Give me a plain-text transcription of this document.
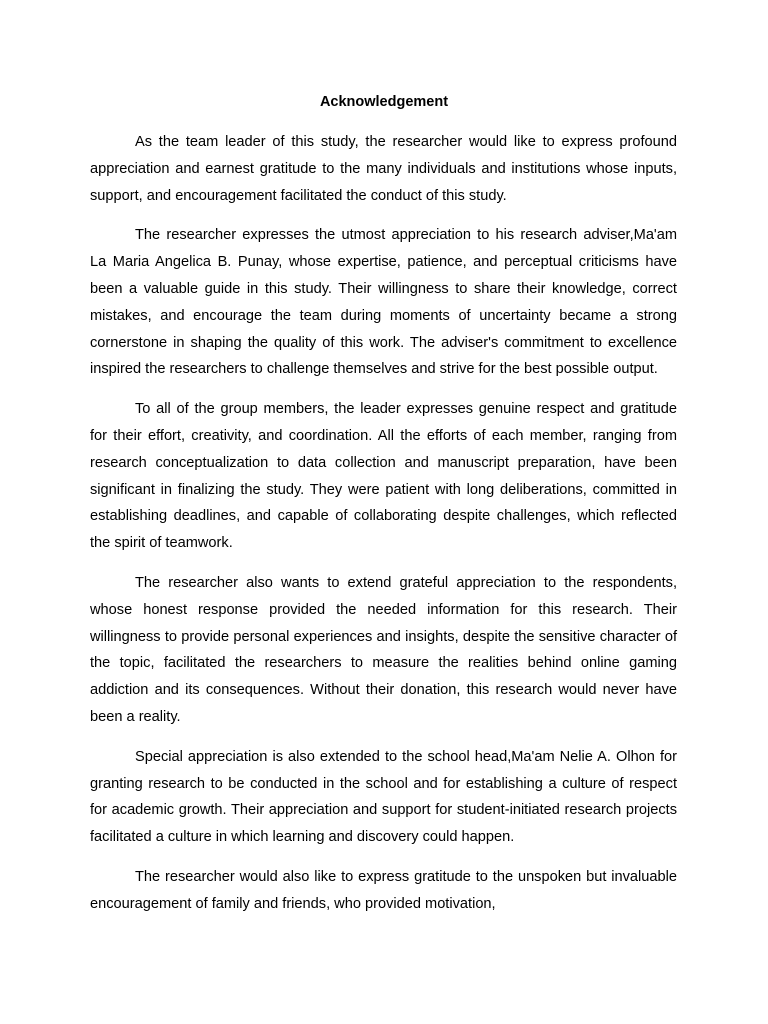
Acknowledgement

As the team leader of this study, the researcher would like to express profound appreciation and earnest gratitude to the many individuals and institutions whose inputs, support, and encouragement facilitated the conduct of this study.

The researcher expresses the utmost appreciation to his research adviser,Ma'am La Maria Angelica B. Punay, whose expertise, patience, and perceptual criticisms have been a valuable guide in this study. Their willingness to share their knowledge, correct mistakes, and encourage the team during moments of uncertainty became a strong cornerstone in shaping the quality of this work. The adviser's commitment to excellence inspired the researchers to challenge themselves and strive for the best possible output.

To all of the group members, the leader expresses genuine respect and gratitude for their effort, creativity, and coordination. All the efforts of each member, ranging from research conceptualization to data collection and manuscript preparation, have been significant in finalizing the study. They were patient with long deliberations, committed in establishing deadlines, and capable of collaborating despite challenges, which reflected the spirit of teamwork.

The researcher also wants to extend grateful appreciation to the respondents, whose honest response provided the needed information for this research. Their willingness to provide personal experiences and insights, despite the sensitive character of the topic, facilitated the researchers to measure the realities behind online gaming addiction and its consequences. Without their donation, this research would never have been a reality.

Special appreciation is also extended to the school head,Ma'am Nelie A. Olhon for granting research to be conducted in the school and for establishing a culture of respect for academic growth. Their appreciation and support for student-initiated research projects facilitated a culture in which learning and discovery could happen.

The researcher would also like to express gratitude to the unspoken but invaluable encouragement of family and friends, who provided motivation,
